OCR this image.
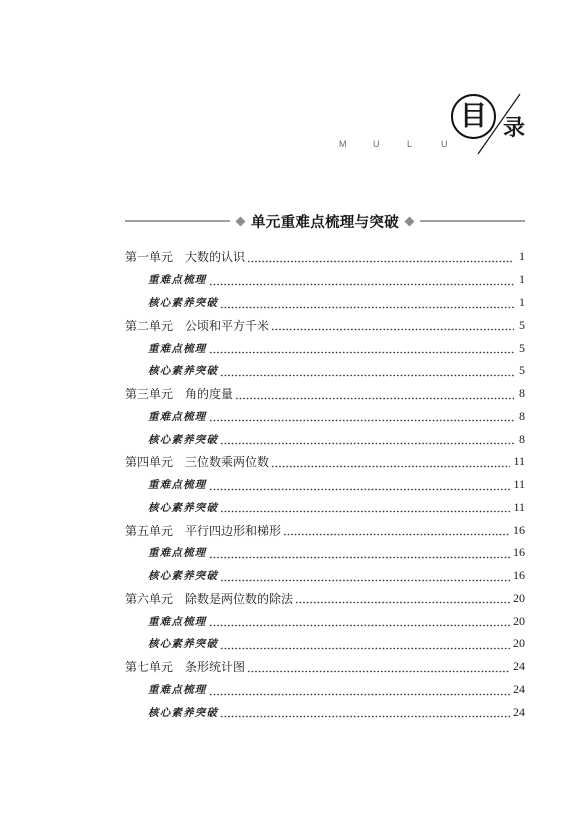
目 录
M	U	L	U
单元重难点梳理与突破
第一单元 大数的认识	1
重难点梳理	1
核心素养突破	1
第二单元 公顷和平方千米	5
重难点梳理	5
核心素养突破	5
第三单元 角的度量	8
重难点梳理	8
核心素养突破	8
第四单元 三位数乘两位数	11
重难点梳理	11
核心素养突破	11
第五单元 平行四边形和梯形	16
重难点梳理	16
核心素养突破	16
第六单元 除数是两位数的除法	20
重难点梳理	20
核心素养突破	20
第七单元 条形统计图	24
重难点梳理	24
核心素养突破	24
